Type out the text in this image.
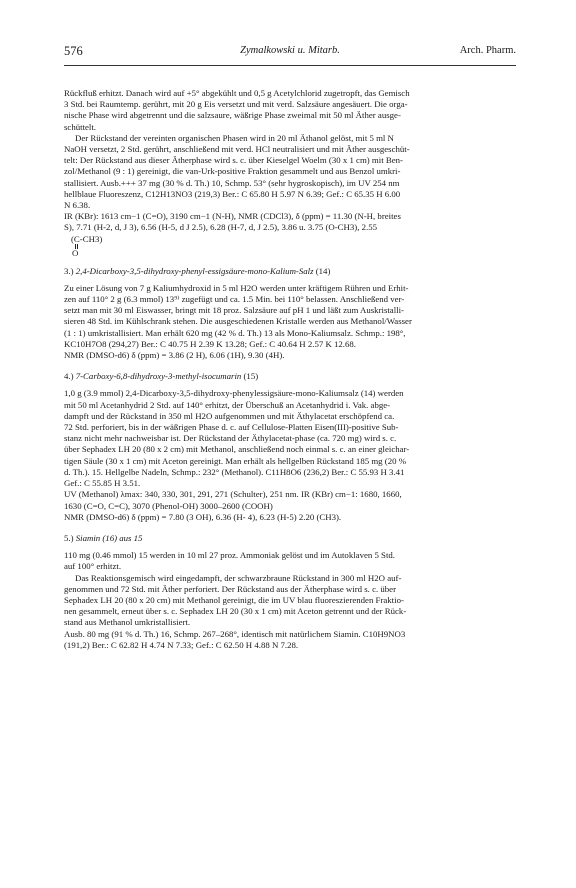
576	Zymalkowski u. Mitarb.	Arch. Pharm.
Rückfluß erhitzt. Danach wird auf +5° abgekühlt und 0,5 g Acetylchlorid zugetropft, das Gemisch
3 Std. bei Raumtemp. gerührt, mit 20 g Eis versetzt und mit verd. Salzsäure angesäuert. Die orga-
nische Phase wird abgetrennt und die salzsaure, wäßrige Phase zweimal mit 50 ml Äther ausge-
schüttelt.
Der Rückstand der vereinten organischen Phasen wird in 20 ml Äthanol gelöst, mit 5 ml N
NaOH versetzt, 2 Std. gerührt, anschließend mit verd. HCl neutralisiert und mit Äther ausgeschüt-
telt: Der Rückstand aus dieser Ätherphase wird s. c. über Kieselgel Woelm (30 x 1 cm) mit Ben-
zol/Methanol (9 : 1) gereinigt, die van-Urk-positive Fraktion gesammelt und aus Benzol umkri-
stallisiert. Ausb.+++ 37 mg (30 % d. Th.) 10, Schmp. 53° (sehr hygroskopisch), im UV 254 nm
hellblaue Fluoreszenz, C12H13NO3 (219,3) Ber.: C 65.80 H 5.97 N 6.39; Gef.: C 65.35 H 6.00
N 6.38.
IR (KBr): 1613 cm−1 (C=O), 3190 cm−1 (N-H), NMR (CDCl3), δ (ppm) = 11.30 (N-H, breites
S), 7.71 (H-2, d, J 3), 6.56 (H-5, d J 2.5), 6.28 (H-7, d, J 2.5), 3.86 u. 3.75 (O-CH3), 2.55
(C-CH3)
O
3.) 2,4-Dicarboxy-3,5-dihydroxy-phenyl-essigsäure-mono-Kalium-Salz (14)
Zu einer Lösung von 7 g Kaliumhydroxid in 5 ml H2O werden unter kräftigem Rühren und Erhit-
zen auf 110° 2 g (6.3 mmol) 13⁹⁾ zugefügt und ca. 1.5 Min. bei 110° belassen. Anschließend ver-
setzt man mit 30 ml Eiswasser, bringt mit 18 proz. Salzsäure auf pH 1 und läßt zum Auskristalli-
sieren 48 Std. im Kühlschrank stehen. Die ausgeschiedenen Kristalle werden aus Methanol/Wasser
(1 : 1) umkristallisiert. Man erhält 620 mg (42 % d. Th.) 13 als Mono-Kaliumsalz. Schmp.: 198°,
KC10H7O8 (294,27) Ber.: C 40.75 H 2.39 K 13.28; Gef.: C 40.64 H 2.57 K 12.68.
NMR (DMSO-d6) δ (ppm) = 3.86 (2 H), 6.06 (1H), 9.30 (4H).
4.) 7-Carboxy-6,8-dihydroxy-3-methyl-isocumarin (15)
1,0 g (3.9 mmol) 2,4-Dicarboxy-3,5-dihydroxy-phenylessigsäure-mono-Kaliumsalz (14) werden
mit 50 ml Acetanhydrid 2 Std. auf 140° erhitzt, der Überschuß an Acetanhydrid i. Vak. abge-
dampft und der Rückstand in 350 ml H2O aufgenommen und mit Äthylacetat erschöpfend ca.
72 Std. perforiert, bis in der wäßrigen Phase d. c. auf Cellulose-Platten Eisen(III)-positive Sub-
stanz nicht mehr nachweisbar ist. Der Rückstand der Äthylacetat-phase (ca. 720 mg) wird s. c.
über Sephadex LH 20 (80 x 2 cm) mit Methanol, anschließend noch einmal s. c. an einer gleichar-
tigen Säule (30 x 1 cm) mit Aceton gereinigt. Man erhält als hellgelben Rückstand 185 mg (20 %
d. Th.). 15. Hellgelbe Nadeln, Schmp.: 232° (Methanol). C11H8O6 (236,2) Ber.: C 55.93 H 3.41
Gef.: C 55.85 H 3.51.
UV (Methanol) λmax: 340, 330, 301, 291, 271 (Schulter), 251 nm. IR (KBr) cm−1: 1680, 1660,
1630 (C=O, C=C), 3070 (Phenol-OH) 3000–2600 (COOH)
NMR (DMSO-d6) δ (ppm) = 7.80 (3 OH), 6.36 (H- 4), 6.23 (H-5) 2.20 (CH3).
5.) Siamin (16) aus 15
110 mg (0.46 mmol) 15 werden in 10 ml 27 proz. Ammoniak gelöst und im Autoklaven 5 Std.
auf 100° erhitzt.
Das Reaktionsgemisch wird eingedampft, der schwarzbraune Rückstand in 300 ml H2O auf-
genommen und 72 Std. mit Äther perforiert. Der Rückstand aus der Ätherphase wird s. c. über
Sephadex LH 20 (80 x 20 cm) mit Methanol gereinigt, die im UV blau fluoreszierenden Fraktio-
nen gesammelt, erneut über s. c. Sephadex LH 20 (30 x 1 cm) mit Aceton getrennt und der Rück-
stand aus Methanol umkristallisiert.
Ausb. 80 mg (91 % d. Th.) 16, Schmp. 267–268°, identisch mit natürlichem Siamin. C10H9NO3
(191,2) Ber.: C 62.82 H 4.74 N 7.33; Gef.: C 62.50 H 4.88 N 7.28.
